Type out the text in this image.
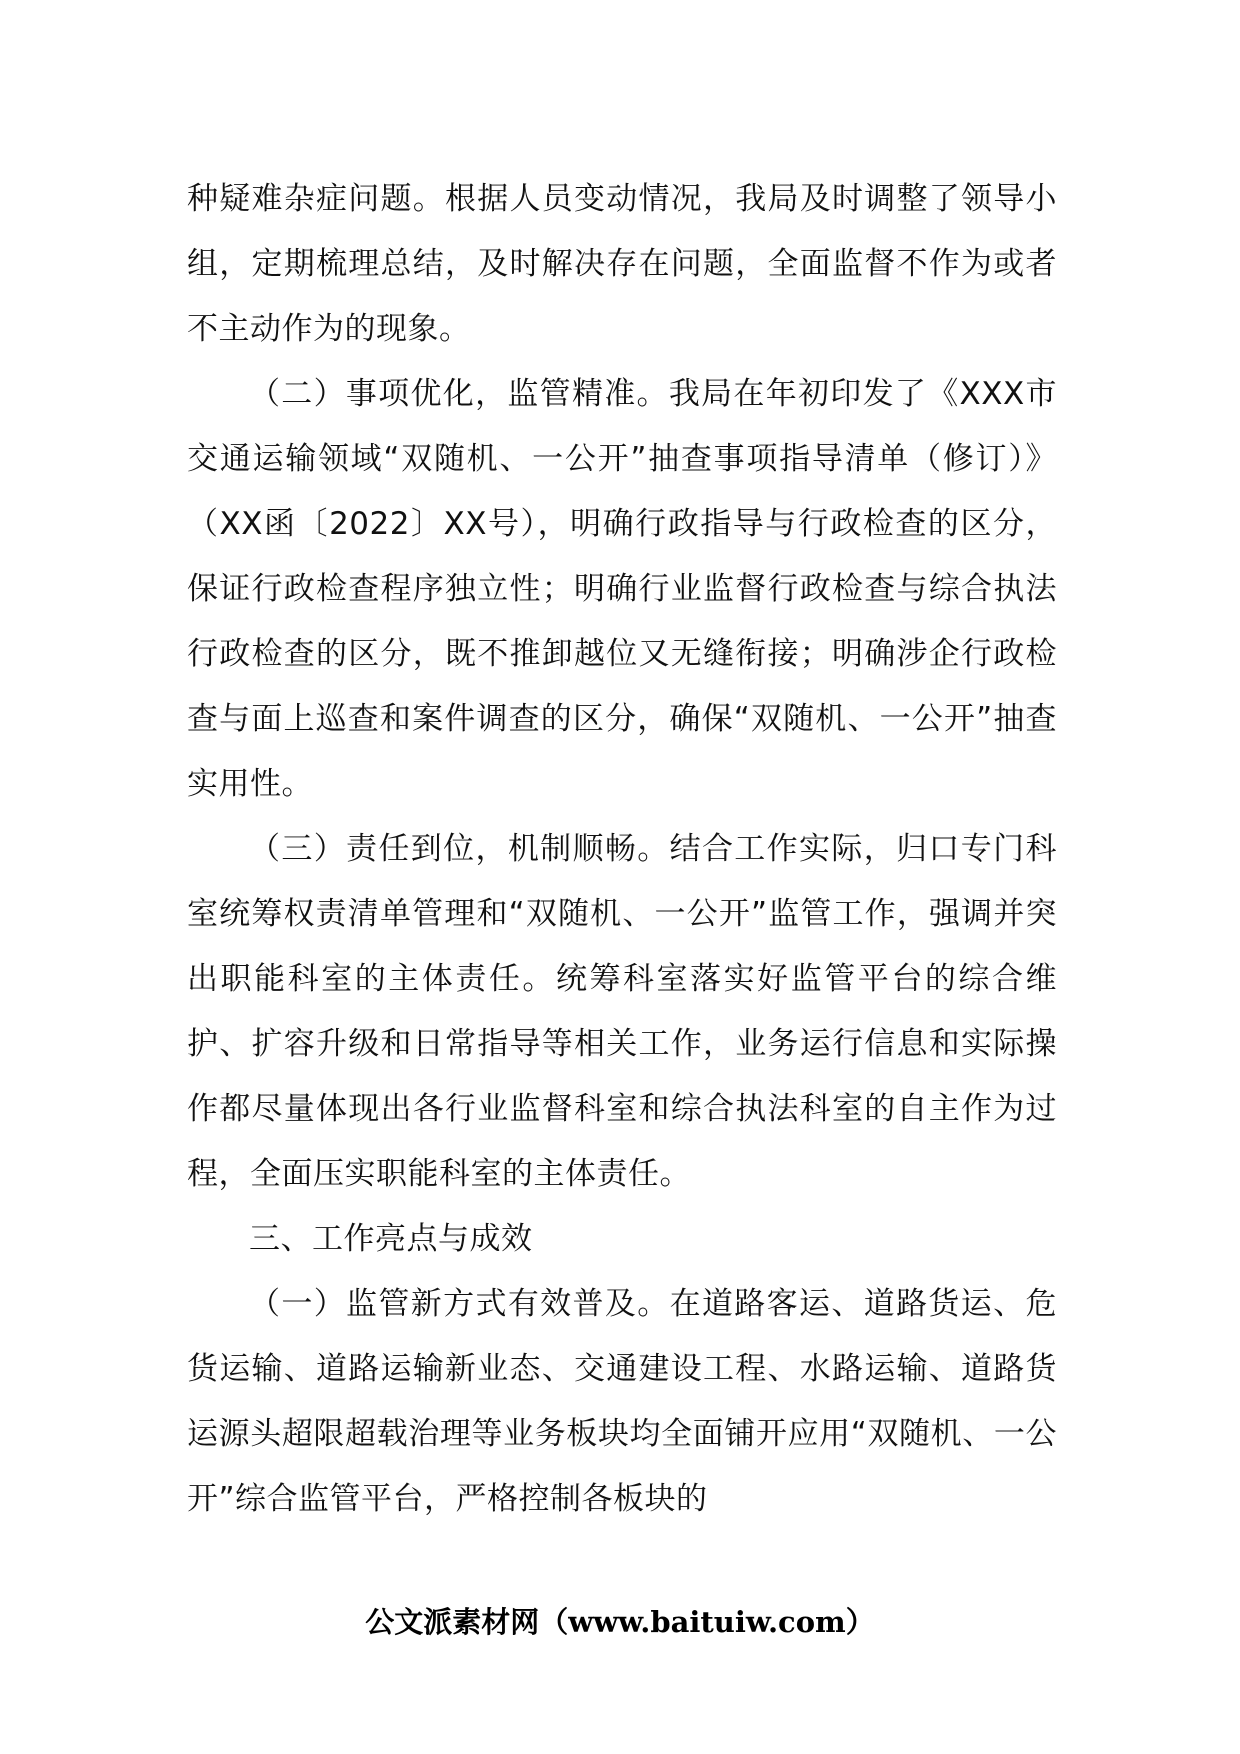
种疑难杂症问题。根据人员变动情况，我局及时调整了领导小组，定期梳理总结，及时解决存在问题，全面监督不作为或者不主动作为的现象。

（二）事项优化，监管精准。我局在年初印发了《XXX市交通运输领域“双随机、一公开”抽查事项指导清单（修订）》（XX函〔2022〕XX号），明确行政指导与行政检查的区分，保证行政检查程序独立性；明确行业监督行政检查与综合执法行政检查的区分，既不推卸越位又无缝衔接；明确涉企行政检查与面上巡查和案件调查的区分，确保“双随机、一公开”抽查实用性。

（三）责任到位，机制顺畅。结合工作实际，归口专门科室统筹权责清单管理和“双随机、一公开”监管工作，强调并突出职能科室的主体责任。统筹科室落实好监管平台的综合维护、扩容升级和日常指导等相关工作，业务运行信息和实际操作都尽量体现出各行业监督科室和综合执法科室的自主作为过程，全面压实职能科室的主体责任。

三、工作亮点与成效

（一）监管新方式有效普及。在道路客运、道路货运、危货运输、道路运输新业态、交通建设工程、水路运输、道路货运源头超限超载治理等业务板块均全面铺开应用“双随机、一公开”综合监管平台，严格控制各板块的

公文派素材网（www.baituiw.com）
